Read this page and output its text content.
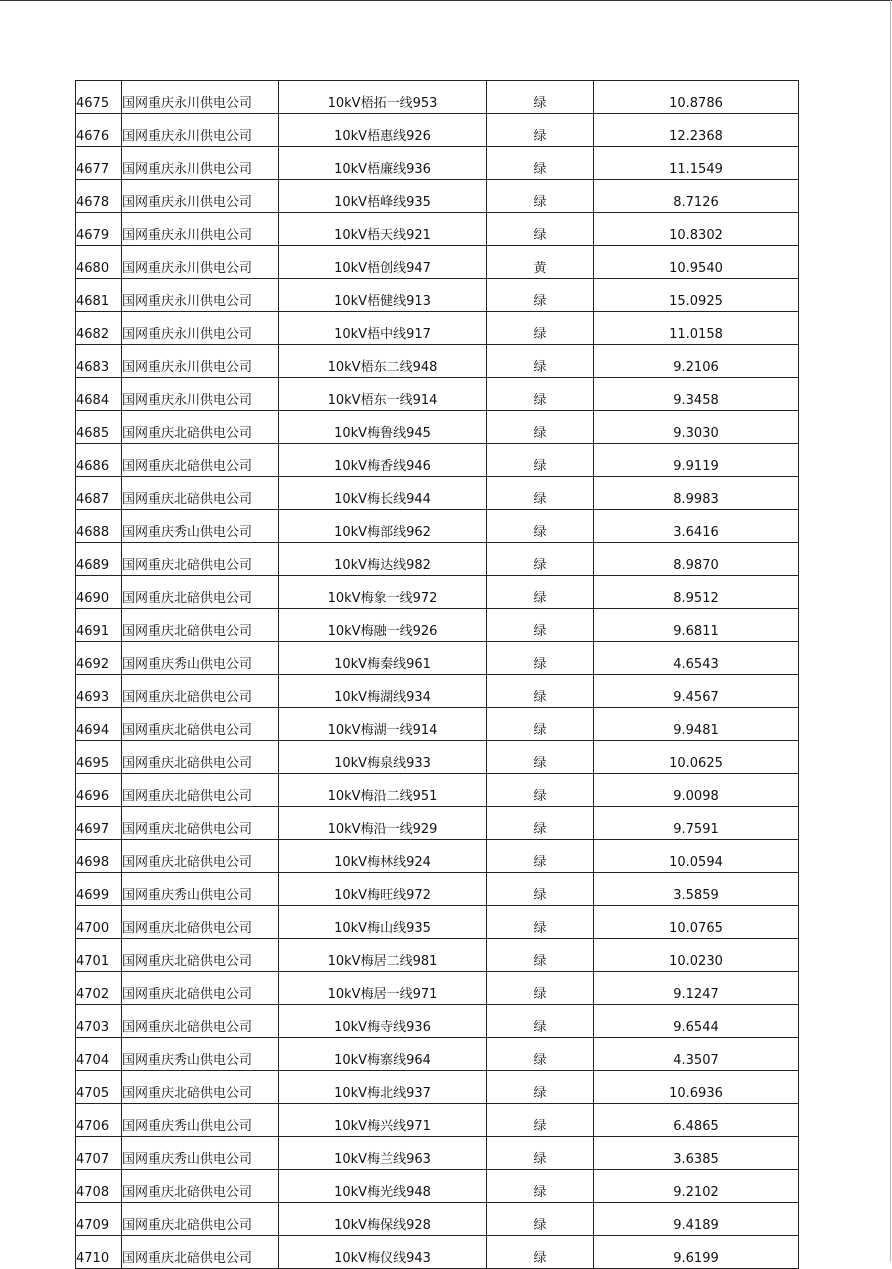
4675	国网重庆永川供电公司	10kV梧拓一线953	绿	10.8786
4676	国网重庆永川供电公司	10kV梧惠线926	绿	12.2368
4677	国网重庆永川供电公司	10kV梧廉线936	绿	11.1549
4678	国网重庆永川供电公司	10kV梧峰线935	绿	8.7126
4679	国网重庆永川供电公司	10kV梧天线921	绿	10.8302
4680	国网重庆永川供电公司	10kV梧创线947	黄	10.9540
4681	国网重庆永川供电公司	10kV梧健线913	绿	15.0925
4682	国网重庆永川供电公司	10kV梧中线917	绿	11.0158
4683	国网重庆永川供电公司	10kV梧东二线948	绿	9.2106
4684	国网重庆永川供电公司	10kV梧东一线914	绿	9.3458
4685	国网重庆北碚供电公司	10kV梅鲁线945	绿	9.3030
4686	国网重庆北碚供电公司	10kV梅香线946	绿	9.9119
4687	国网重庆北碚供电公司	10kV梅长线944	绿	8.9983
4688	国网重庆秀山供电公司	10kV梅部线962	绿	3.6416
4689	国网重庆北碚供电公司	10kV梅达线982	绿	8.9870
4690	国网重庆北碚供电公司	10kV梅象一线972	绿	8.9512
4691	国网重庆北碚供电公司	10kV梅融一线926	绿	9.6811
4692	国网重庆秀山供电公司	10kV梅秦线961	绿	4.6543
4693	国网重庆北碚供电公司	10kV梅湖线934	绿	9.4567
4694	国网重庆北碚供电公司	10kV梅湖一线914	绿	9.9481
4695	国网重庆北碚供电公司	10kV梅泉线933	绿	10.0625
4696	国网重庆北碚供电公司	10kV梅沿二线951	绿	9.0098
4697	国网重庆北碚供电公司	10kV梅沿一线929	绿	9.7591
4698	国网重庆北碚供电公司	10kV梅林线924	绿	10.0594
4699	国网重庆秀山供电公司	10kV梅旺线972	绿	3.5859
4700	国网重庆北碚供电公司	10kV梅山线935	绿	10.0765
4701	国网重庆北碚供电公司	10kV梅居二线981	绿	10.0230
4702	国网重庆北碚供电公司	10kV梅居一线971	绿	9.1247
4703	国网重庆北碚供电公司	10kV梅寺线936	绿	9.6544
4704	国网重庆秀山供电公司	10kV梅寨线964	绿	4.3507
4705	国网重庆北碚供电公司	10kV梅北线937	绿	10.6936
4706	国网重庆秀山供电公司	10kV梅兴线971	绿	6.4865
4707	国网重庆秀山供电公司	10kV梅兰线963	绿	3.6385
4708	国网重庆北碚供电公司	10kV梅光线948	绿	9.2102
4709	国网重庆北碚供电公司	10kV梅保线928	绿	9.4189
4710	国网重庆北碚供电公司	10kV梅仪线943	绿	9.6199
